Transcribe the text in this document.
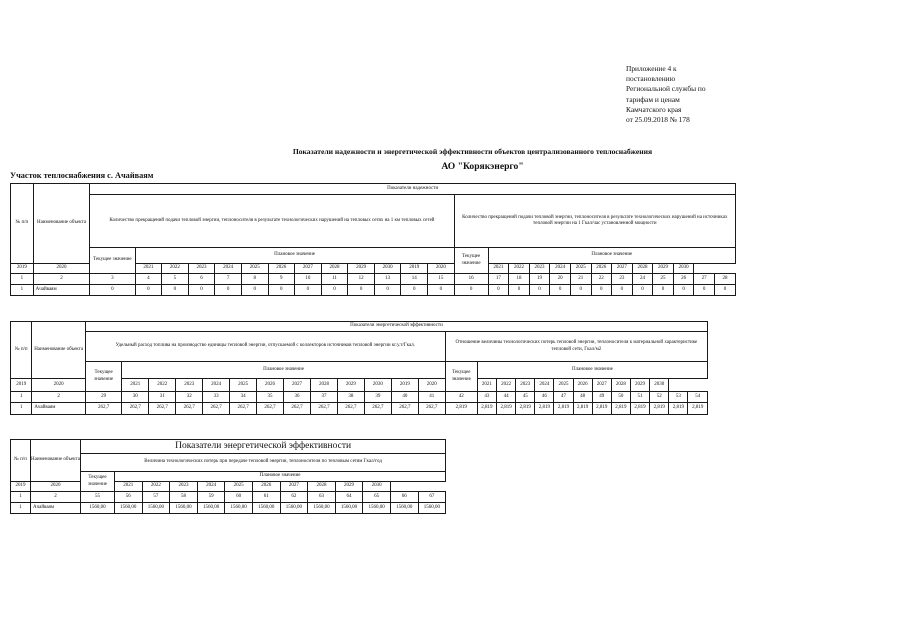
Приложение 4 к
постановлению
Региональной службы по
тарифам и ценам
Камчатского края
от 25.09.2018 № 178
Показатели надежности и энергетической эффективности объектов централизованного теплоснабжения
АО "Корякэнерго"
Участок теплоснабжения с. Ачайваям
№ п/п	Наименование объекта	Показатели надежности																									
		Количество прекращений подачи тепловой энергии, теплоносителя в результате технологических нарушений на тепловых сетях на 1 км тепловых сетей													Количество прекращений подачи тепловой энергии, теплоносителя в результате технологических нарушений на источниках тепловой энергии на 1 Гкал/час установленной мощности												
		Текущее значение	Плановое значение												Текущее значение	Плановое значение											
2019	2020		2021	2022	2023	2024	2025	2026	2027	2028	2029	2030	2019	2020		2021	2022	2023	2024	2025	2026	2027	2028	2029	2030		
1	2	3	4	5	6	7	8	9	10	11	12	13	14	15	16	17	18	19	20	21	22	23	24	25	26	27	28
1	Ачайваям	0	0	0	0	0	0	0	0	0	0	0	0	0	0	0	0	0	0	0	0	0	0	0	0	0	0
№ п/п	Наименование объекта	Показатели энергетической эффективности																									
		Удельный расход топлива на производство единицы тепловой энергии, отпускаемой с коллекторов источников тепловой энергии кг.у.т/Гкал.													Отношение величины технологических потерь тепловой энергии, теплоносителя к материальной характеристике тепловой сети, Гкал/м2												
		Текущее значение	Плановое значение												Текущее значение	Плановое значение											
2019	2020		2021	2022	2023	2024	2025	2026	2027	2028	2029	2030	2019	2020		2021	2022	2023	2024	2025	2026	2027	2028	2029	2030		
1	2	29	30	31	32	33	34	35	36	37	38	39	40	41	42	43	44	45	46	47	48	49	50	51	52	53	54
1	Ачайваям	262,7	262,7	262,7	262,7	262,7	262,7	262,7	262,7	262,7	262,7	262,7	262,7	262,7	2,819	2,819	2,819	2,819	2,819	2,819	2,819	2,819	2,819	2,819	2,819	2,819	2,819
№ п/п	Наименование объекта	Показатели энергетической эффективности												
		Величина технологических потерь при передаче тепловой энергии, теплоносителя по тепловым сетям Гкал/год												
		Текущее значение	Плановое значение											
2019	2020		2021	2022	2023	2024	2025	2026	2027	2028	2029	2030		
1	2	55	56	57	58	59	60	61	62	63	64	65	66	67
1	Ачайваям	1560,00	1560,00	1560,00	1560,00	1560,00	1560,00	1560,00	1560,00	1560,00	1560,00	1560,00	1560,00	1560,00
